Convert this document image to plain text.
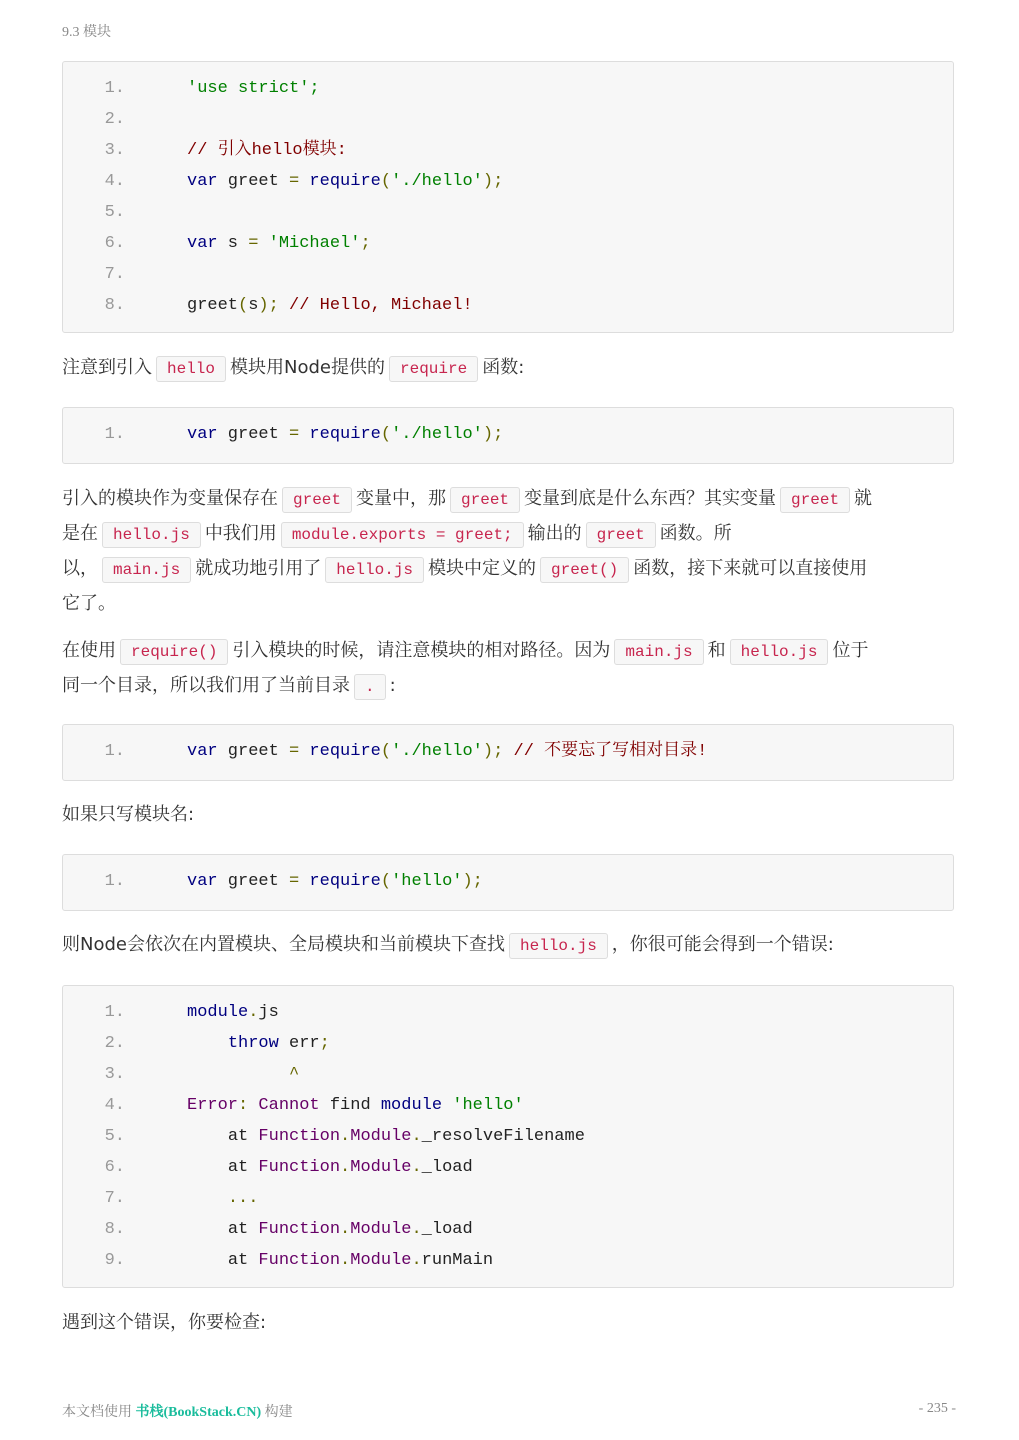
9.3 模块
1.	'use strict';
2.
3.	// 引入hello模块:
4.	var greet = require('./hello');
5.
6.	var s = 'Michael';
7.
8.	greet(s); // Hello, Michael!
注意到引入 hello 模块用Node提供的 require 函数:
1.	var greet = require('./hello');
引入的模块作为变量保存在 greet 变量中，那 greet 变量到底是什么东西？其实变量 greet 就
是在 hello.js 中我们用 module.exports = greet; 输出的 greet 函数。所
以， main.js 就成功地引用了 hello.js 模块中定义的 greet() 函数，接下来就可以直接使用
它了。
在使用 require() 引入模块的时候，请注意模块的相对路径。因为 main.js 和 hello.js 位于
同一个目录，所以我们用了当前目录 . :
1.	var greet = require('./hello'); // 不要忘了写相对目录!
如果只写模块名:
1.	var greet = require('hello');
则Node会依次在内置模块、全局模块和当前模块下查找 hello.js ，你很可能会得到一个错误:
1.	module.js
2.	throw err;
3.	^
4.	Error: Cannot find module 'hello'
5.	at Function.Module._resolveFilename
6.	at Function.Module._load
7.	...
8.	at Function.Module._load
9.	at Function.Module.runMain
遇到这个错误，你要检查:
本文档使用 书栈(BookStack.CN) 构建	- 235 -
